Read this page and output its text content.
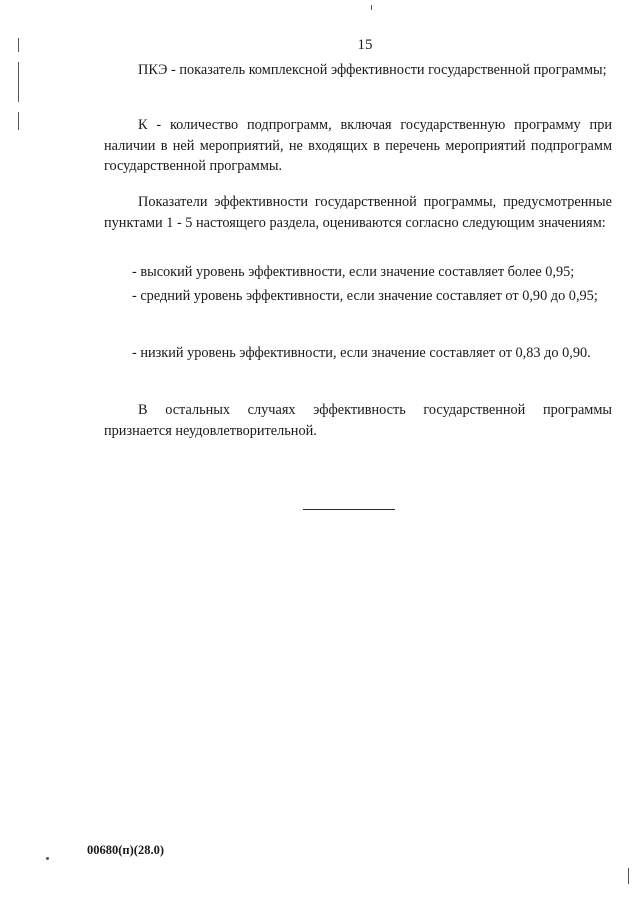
15

ПКЭ - показатель комплексной эффективности государственной программы;

К - количество подпрограмм, включая государственную программу при наличии в ней мероприятий, не входящих в перечень мероприятий подпрограмм государственной программы.

Показатели эффективности государственной программы, предусмотренные пунктами 1 - 5 настоящего раздела, оцениваются согласно следующим значениям:

- высокий уровень эффективности, если значение составляет более 0,95;

- средний уровень эффективности, если значение составляет от 0,90 до 0,95;

- низкий уровень эффективности, если значение составляет от 0,83 до 0,90.

В остальных случаях эффективность государственной программы признается неудовлетворительной.

00680(п)(28.0)
